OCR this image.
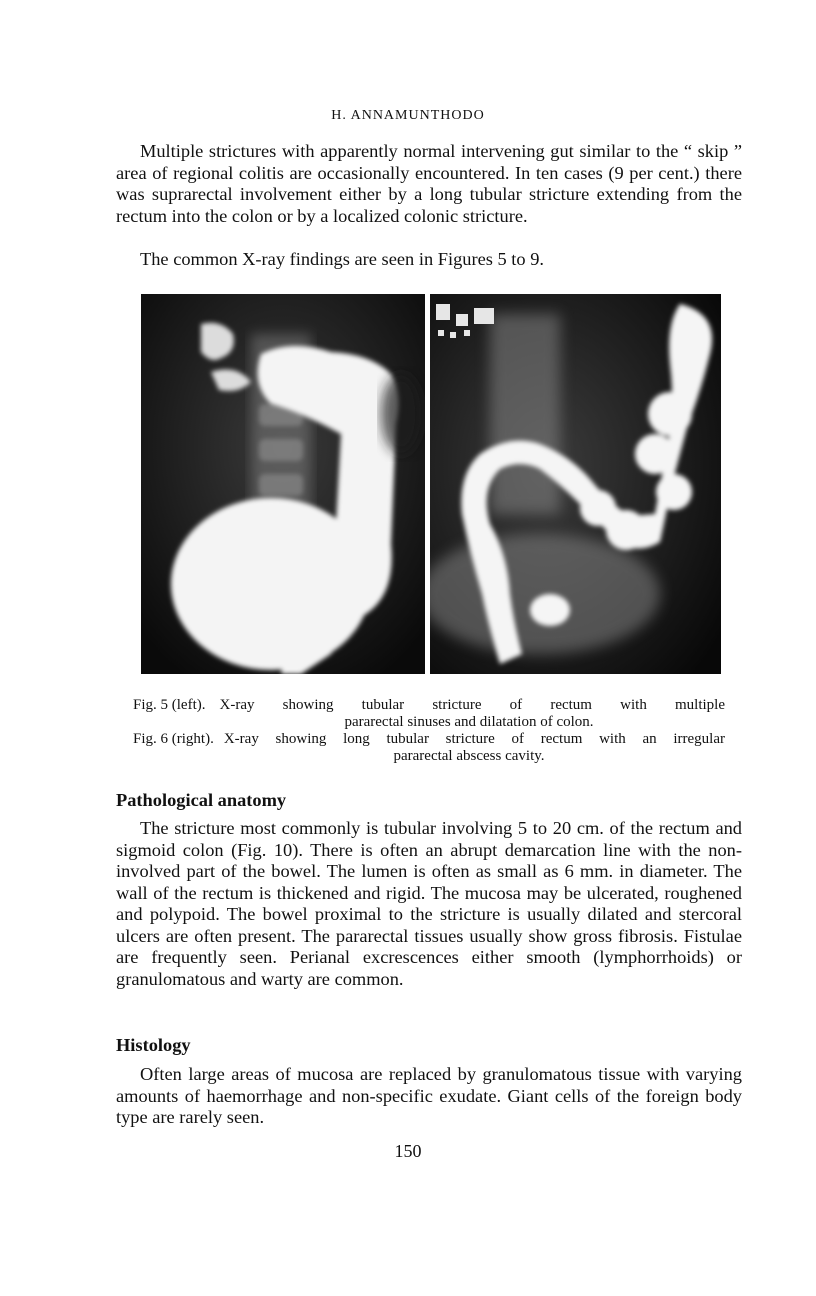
H. ANNAMUNTHODO

Multiple strictures with apparently normal intervening gut similar to the “ skip ” area of regional colitis are occasionally encountered. In ten cases (9 per cent.) there was suprarectal involvement either by a long tubular stricture extending from the rectum into the colon or by a localized colonic stricture.

The common X-ray findings are seen in Figures 5 to 9.

Fig. 5 (left). X-ray showing tubular stricture of rectum with multiple
pararectal sinuses and dilatation of colon.
Fig. 6 (right). X-ray showing long tubular stricture of rectum with an irregular
pararectal abscess cavity.
Pathological anatomy

The stricture most commonly is tubular involving 5 to 20 cm. of the rectum and sigmoid colon (Fig. 10). There is often an abrupt demarcation line with the non-involved part of the bowel. The lumen is often as small as 6 mm. in diameter. The wall of the rectum is thickened and rigid. The mucosa may be ulcerated, roughened and polypoid. The bowel proximal to the stricture is usually dilated and stercoral ulcers are often present. The pararectal tissues usually show gross fibrosis. Fistulae are frequently seen. Perianal excrescences either smooth (lymphorrhoids) or granulomatous and warty are common.

Histology

Often large areas of mucosa are replaced by granulomatous tissue with varying amounts of haemorrhage and non-specific exudate. Giant cells of the foreign body type are rarely seen.

150
